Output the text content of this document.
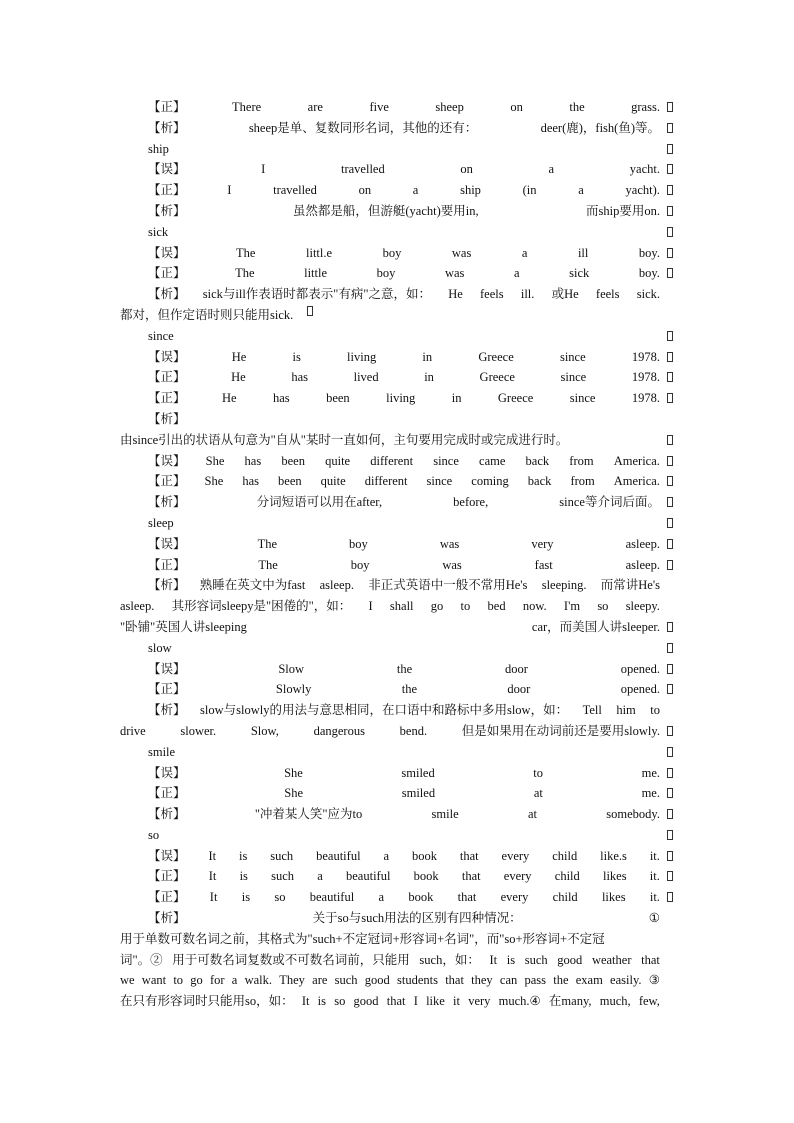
【正】	There	are	five	sheep	on	the	grass.
【析】	sheep是单、复数同形名词，其他的还有：	deer(鹿)，fish(鱼)等。
ship
【误】	I	travelled	on	a	yacht.
【正】	I	travelled	on	a	ship	(in	a	yacht).
【析】	虽然都是船，但游艇(yacht)要用in,	而ship要用on.
sick
【误】	The	littl.e	boy	was	a	ill	boy.
【正】	The	little	boy	was	a	sick	boy.
【析】 sick与ill作表语时都表示"有病"之意，如： He feels ill. 或He feels sick.
都对，但作定语时则只能用sick.
since
【误】	He	is	living	in	Greece	since	1978.
【正】	He	has	lived	in	Greece	since	1978.
【正】	He	has	been	living	in	Greece	since	1978.
【析】
由since引出的状语从句意为"自从"某时一直如何，主句要用完成时或完成进行时。
【误】 She has been quite different since came back from America.
【正】 She has been quite different since coming back from America.
【析】	分词短语可以用在after,	before,	since等介词后面。
sleep
【误】	The	boy	was	very	asleep.
【正】	The	boy	was	fast	asleep.
【析】 熟睡在英文中为fast asleep. 非正式英语中一般不常用He's sleeping. 而常讲He's
asleep. 其形容词sleepy是"困倦的"，如： I shall go to bed now. I'm so sleepy.
"卧铺"英国人讲sleeping	car，而美国人讲sleeper.
slow
【误】	Slow	the	door	opened.
【正】	Slowly	the	door	opened.
【析】 slow与slowly的用法与意思相同，在口语中和路标中多用slow，如： Tell him to
drive	slower.	Slow,	dangerous	bend.	但是如果用在动词前还是要用slowly.
smile
【误】	She	smiled	to	me.
【正】	She	smiled	at	me.
【析】	"冲着某人笑"应为to	smile	at	somebody.
so
【误】 It is such beautiful a book that every child like.s it.
【正】 It is such a beautiful book that every child likes it.
【正】 It is so beautiful a book that every child likes it.
【析】	关于so与such用法的区别有四种情况：	①
用于单数可数名词之前，其格式为"such+不定冠词+形容词+名词"，而"so+形容词+不定冠
词"。② 用于可数名词复数或不可数名词前，只能用 such，如： It is such good weather that
we want to go for a walk. They are such good students that they can pass the exam easily. ③
在只有形容词时只能用so，如： It is so good that I like it very much.④ 在many, much, few,
